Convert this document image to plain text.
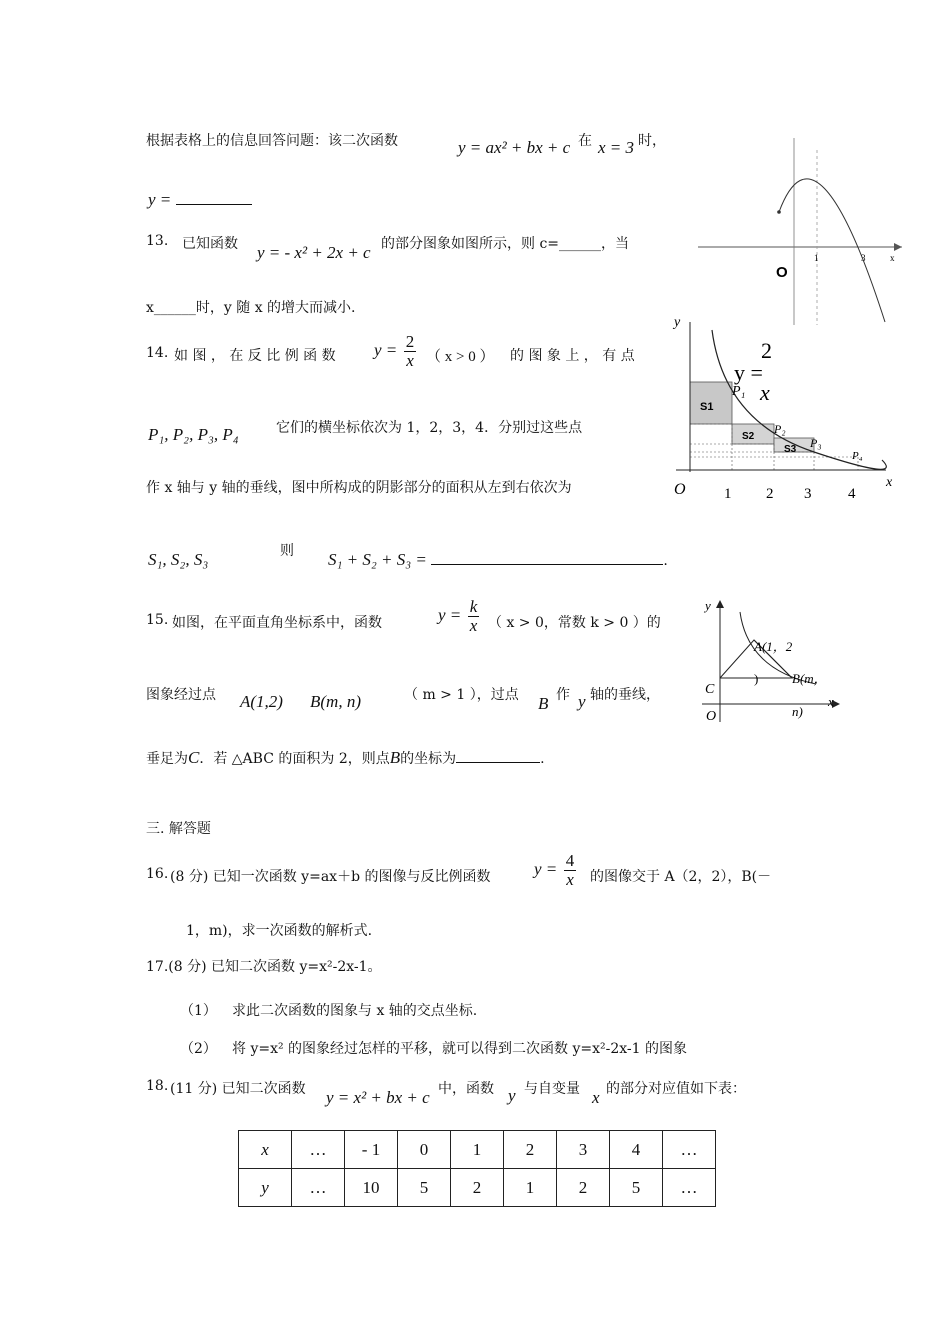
根据表格上的信息回答问题：该二次函数	y = ax² + bx + c 在 x = 3 时，
y =
1	3	x
O
13. 已知函数 y = - x² + 2x + c 的部分图象如图所示，则 c=______，当
x______时，y 随 x 的增大而减小.
14. 如 图 ， 在 反 比 例 函 数 $y = \frac{2}{x}$ （ x > 0 ） 的 图 象 上 ， 有 点
P₁, P₂, P₃, P₄	它们的横坐标依次为 1，2，3，4．分别过这些点
作 x 轴与 y 轴的垂线，图中所构成的阴影部分的面积从左到右依次为
S₁, S₂, S₃	则 S₁ + S₂ + S₃ =	.
y
x
O
y =
2
x
P₁
P₂
P₃
P₄
S1
S2
S3
1 2 3 4
15. 如图，在平面直角坐标系中，函数	$y = \frac{k}{x}$ （ x > 0，常数 k > 0 ）的
图象经过点 A(1,2) B(m, n)	（ m > 1 ），过点 B 作 y 轴的垂线，
垂足为C．若 △ABC 的面积为 2，则点B的坐标为	.
y
x
O
C
A(1，2
)	B(m，
n)
三. 解答题
16. (8 分) 已知一次函数 y=ax＋b 的图像与反比例函数	$y = \frac{4}{x}$ 的图像交于 A（2，2），B(－
1，m)，求一次函数的解析式.
17.(8 分) 已知二次函数 y=x²-2x-1。
（1） 求此二次函数的图象与 x 轴的交点坐标.
（2） 将 y=x² 的图象经过怎样的平移，就可以得到二次函数 y=x²-2x-1 的图象
18. (11 分) 已知二次函数 y = x² + bx + c 中，函数 y 与自变量 x 的部分对应值如下表：
x	…	- 1	0	1	2	3	4	…
y	…	10	5	2	1	2	5	…
